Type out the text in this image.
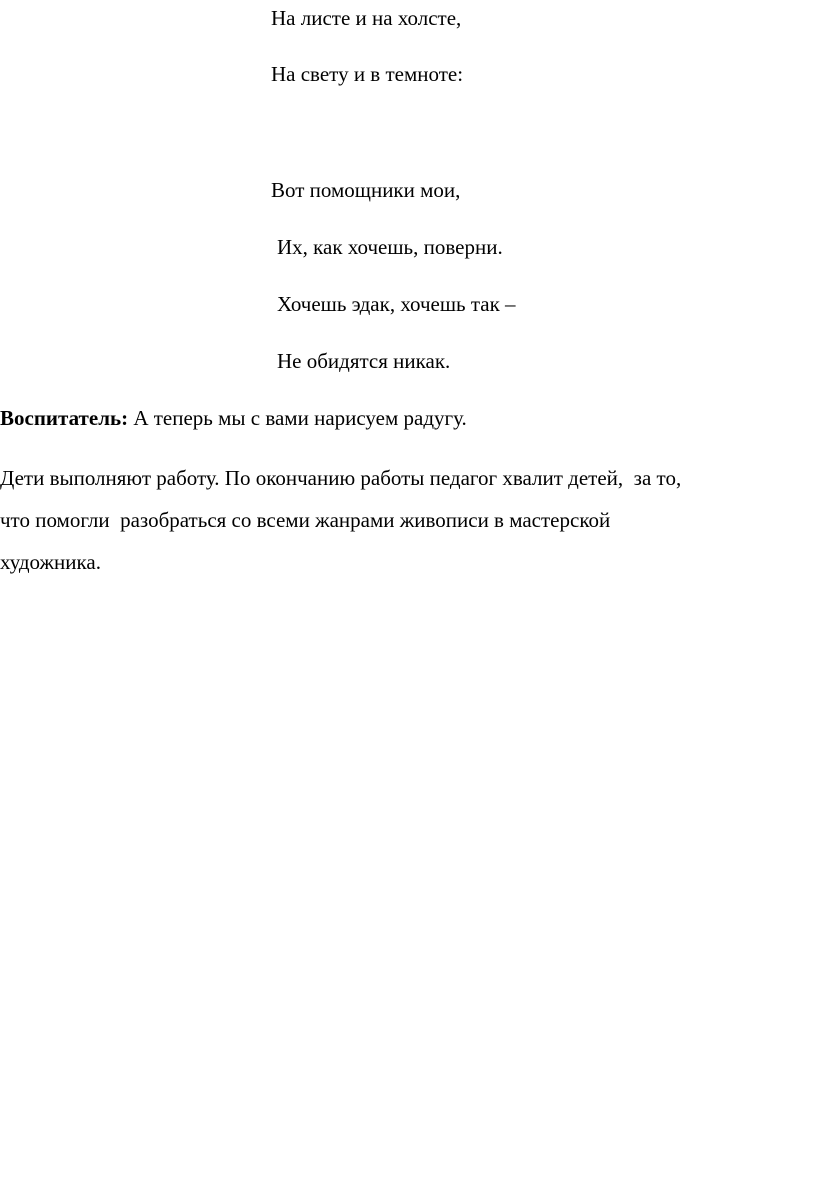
На листе и на холсте,
На свету и в темноте:
Вот помощники мои,
Их, как хочешь, поверни.
Хочешь эдак, хочешь так –
Не обидятся никак.
Воспитатель: А теперь мы с вами нарисуем радугу.
Дети выполняют работу. По окончанию работы педагог хвалит детей,  за то,
что помогли  разобраться со всеми жанрами живописи в мастерской
художника.
